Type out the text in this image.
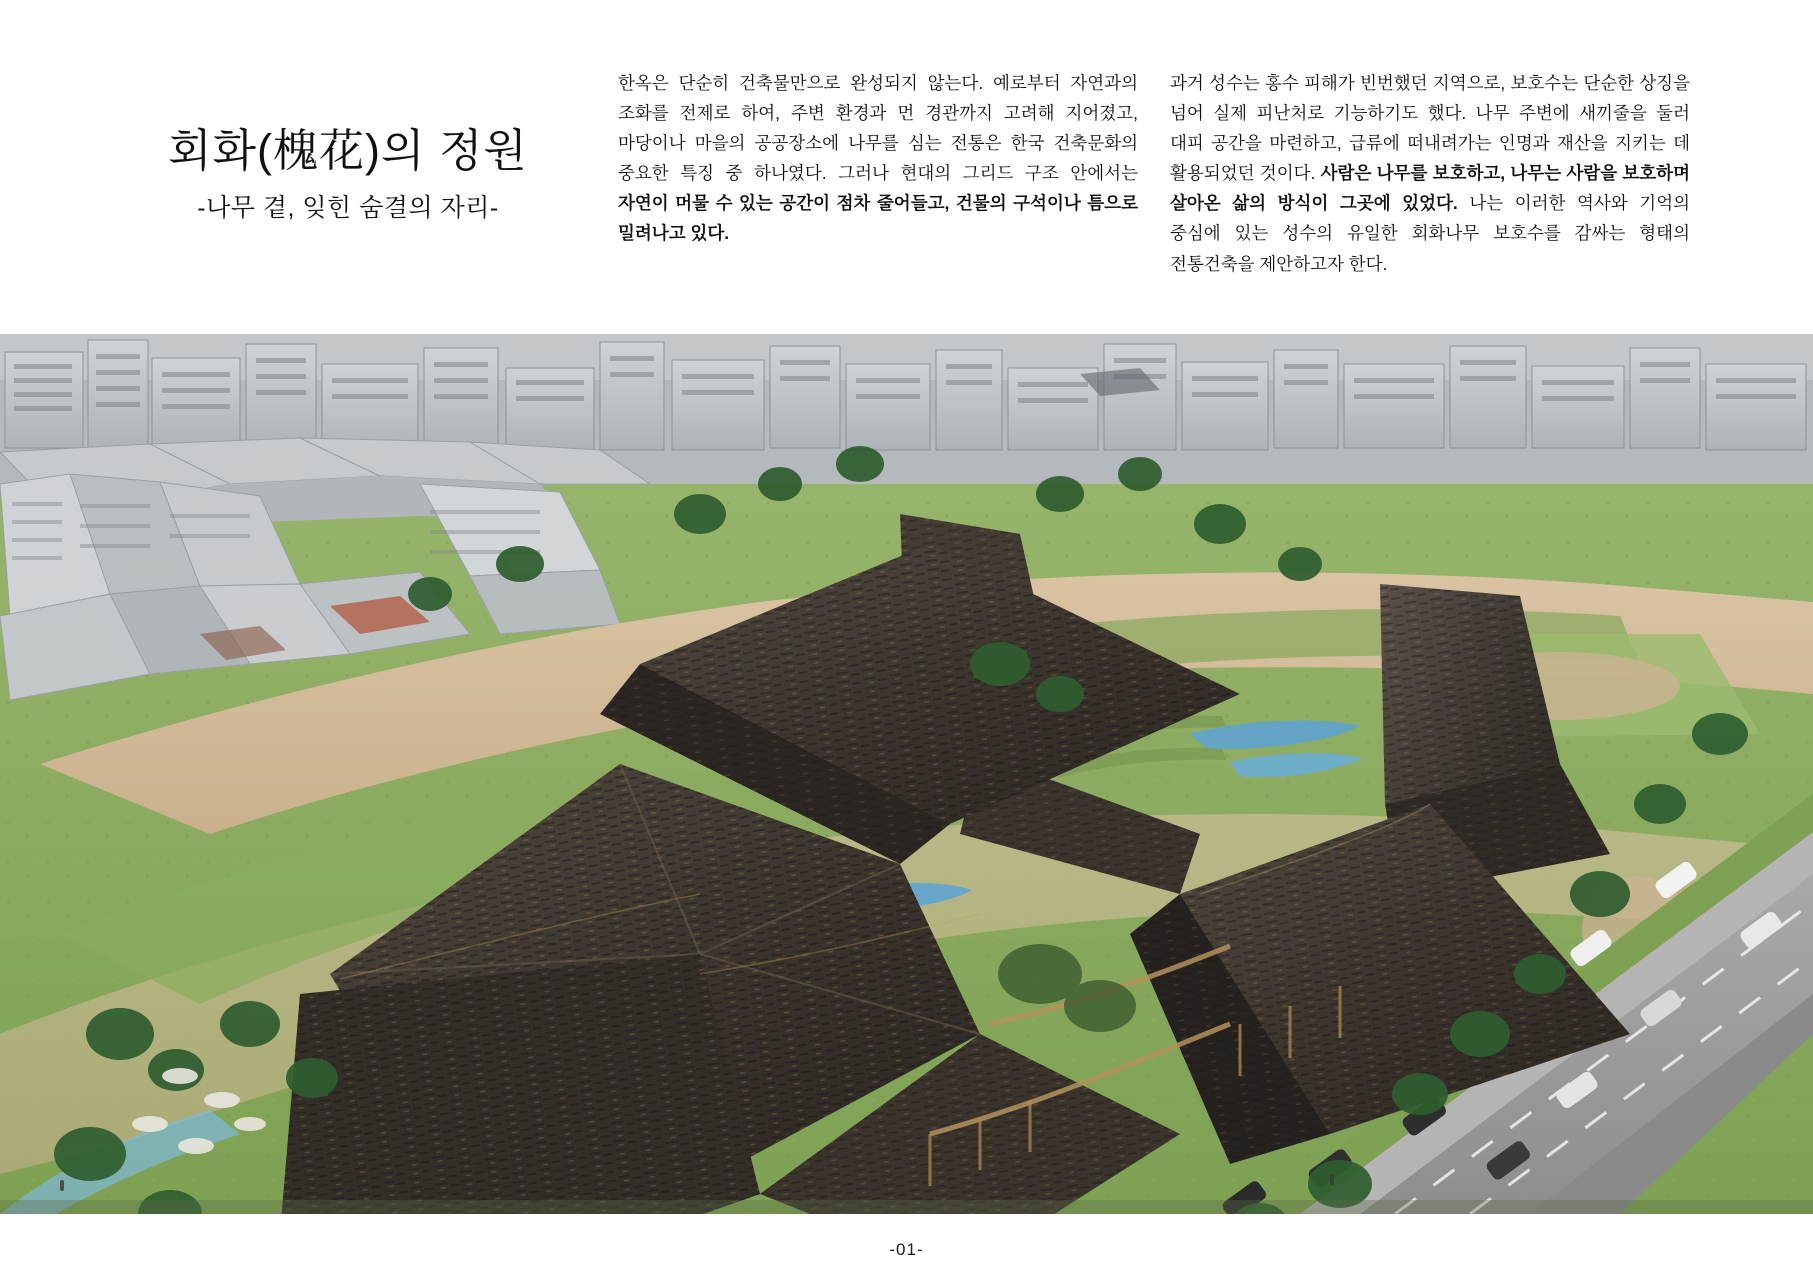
회화(槐花)의 정원
-나무 곁, 잊힌 숨결의 자리-

한옥은 단순히 건축물만으로 완성되지 않는다. 예로부터 자연과의 조화를 전제로 하여, 주변 환경과 먼 경관까지 고려해 지어졌고, 마당이나 마을의 공공장소에 나무를 심는 전통은 한국 건축문화의 중요한 특징 중 하나였다. 그러나 현대의 그리드 구조 안에서는 자연이 머물 수 있는 공간이 점차 줄어들고, 건물의 구석이나 틈으로 밀려나고 있다.

과거 성수는 홍수 피해가 빈번했던 지역으로, 보호수는 단순한 상징을 넘어 실제 피난처로 기능하기도 했다. 나무 주변에 새끼줄을 둘러 대피 공간을 마련하고, 급류에 떠내려가는 인명과 재산을 지키는 데 활용되었던 것이다. 사람은 나무를 보호하고, 나무는 사람을 보호하며 살아온 삶의 방식이 그곳에 있었다. 나는 이러한 역사와 기억의 중심에 있는 성수의 유일한 회화나무 보호수를 감싸는 형태의 전통건축을 제안하고자 한다.

-01-
